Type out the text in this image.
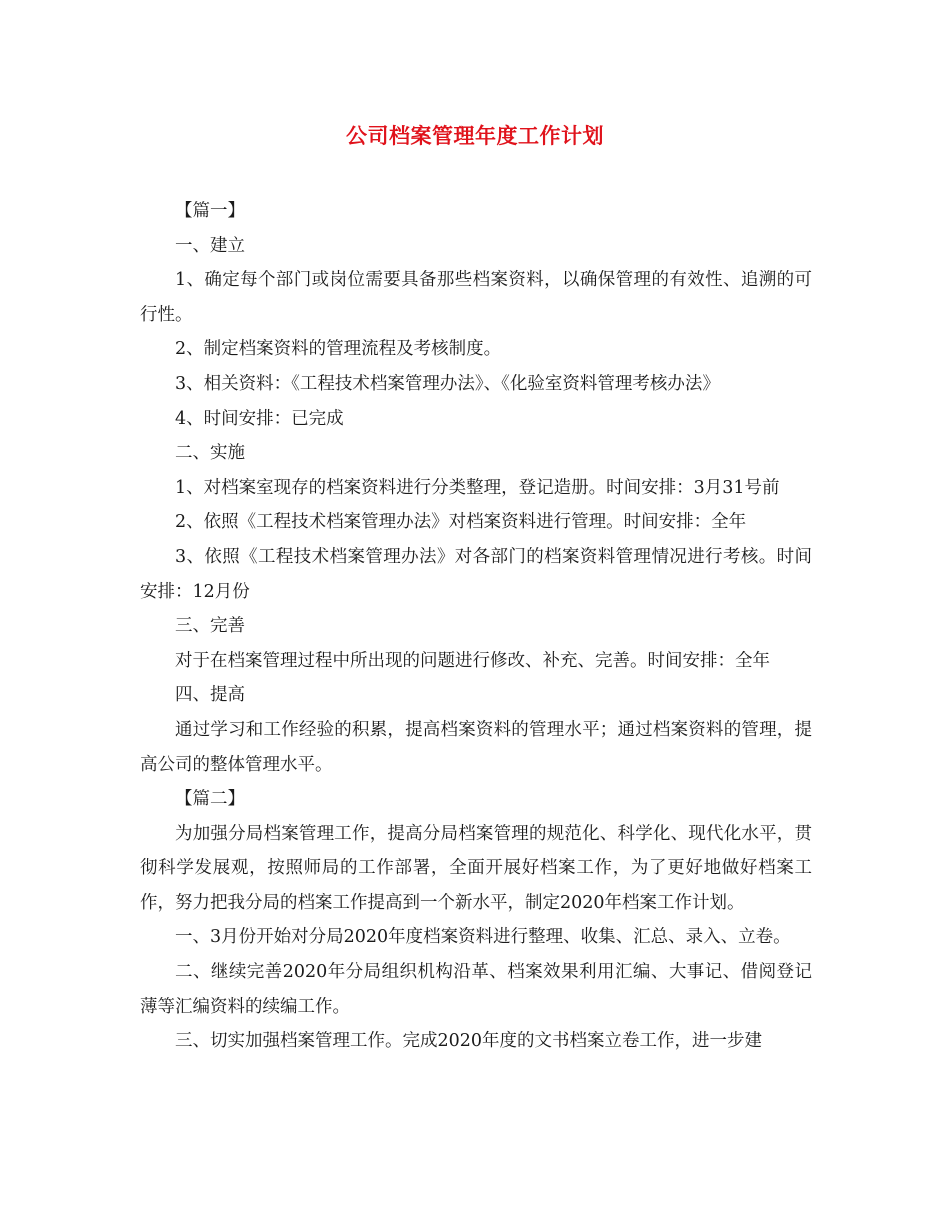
公司档案管理年度工作计划

【篇一】

一、建立

1、确定每个部门或岗位需要具备那些档案资料，以确保管理的有效性、追溯的可行性。

2、制定档案资料的管理流程及考核制度。

3、相关资料：《工程技术档案管理办法》、《化验室资料管理考核办法》

4、时间安排：已完成

二、实施

1、对档案室现存的档案资料进行分类整理，登记造册。时间安排：3月31号前

2、依照《工程技术档案管理办法》对档案资料进行管理。时间安排：全年

3、依照《工程技术档案管理办法》对各部门的档案资料管理情况进行考核。时间安排：12月份

三、完善

对于在档案管理过程中所出现的问题进行修改、补充、完善。时间安排：全年

四、提高

通过学习和工作经验的积累，提高档案资料的管理水平；通过档案资料的管理，提高公司的整体管理水平。

【篇二】

为加强分局档案管理工作，提高分局档案管理的规范化、科学化、现代化水平，贯彻科学发展观，按照师局的工作部署，全面开展好档案工作，为了更好地做好档案工作，努力把我分局的档案工作提高到一个新水平，制定2020年档案工作计划。

一、3月份开始对分局2020年度档案资料进行整理、收集、汇总、录入、立卷。

二、继续完善2020年分局组织机构沿革、档案效果利用汇编、大事记、借阅登记薄等汇编资料的续编工作。

三、切实加强档案管理工作。完成2020年度的文书档案立卷工作，进一步建
